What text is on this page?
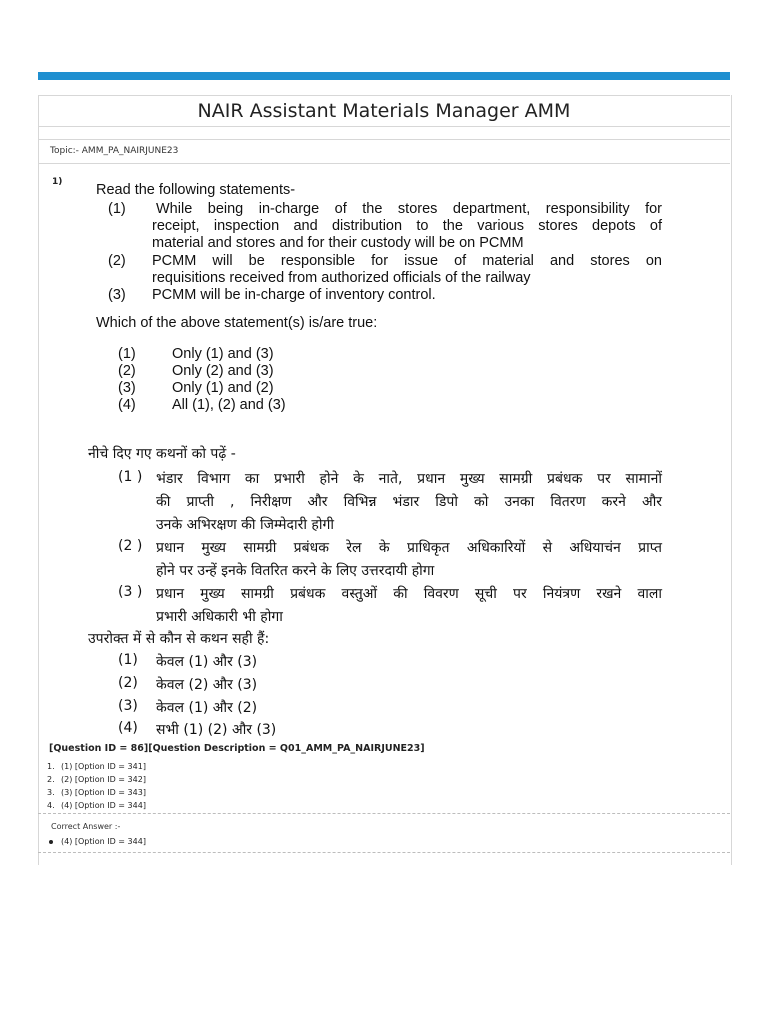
NAIR Assistant Materials Manager AMM
Topic:- AMM_PA_NAIRJUNE23
1) Read the following statements-
(1) While being in-charge of the stores department, responsibility for
receipt, inspection and distribution to the various stores depots of
material and stores and for their custody will be on PCMM
(2) PCMM will be responsible for issue of material and stores on
requisitions received from authorized officials of the railway
(3) PCMM will be in-charge of inventory control.
Which of the above statement(s) is/are true:
(1)	Only (1) and (3)
(2)	Only (2) and (3)
(3)	Only (1) and (2)
(4)	All (1), (2) and (3)
नीचे दिए गए कथनों को पढ़ें -
(1 ) भंडार विभाग का प्रभारी होने के नाते, प्रधान मुख्य सामग्री प्रबंधक पर सामानों
की प्राप्ती , निरीक्षण और विभिन्न भंडार डिपो को उनका वितरण करने और
उनके अभिरक्षण की जिम्मेदारी होगी
(2 ) प्रधान मुख्य सामग्री प्रबंधक रेल के प्राधिकृत अधिकारियों से अधियाचंन प्राप्त
होने पर उन्हें इनके वितरित करने के लिए उत्तरदायी होगा
(3 ) प्रधान मुख्य सामग्री प्रबंधक वस्तुओं की विवरण सूची पर नियंत्रण रखने वाला
प्रभारी अधिकारी भी होगा
उपरोक्त में से कौन से कथन सही हैं:
(1) केवल (1) और (3)
(2) केवल (2) और (3)
(3) केवल (1) और (2)
(4) सभी (1) (2) और (3)
[Question ID = 86][Question Description = Q01_AMM_PA_NAIRJUNE23]
1. (1) [Option ID = 341]
2. (2) [Option ID = 342]
3. (3) [Option ID = 343]
4. (4) [Option ID = 344]
Correct Answer :-
(4) [Option ID = 344]
